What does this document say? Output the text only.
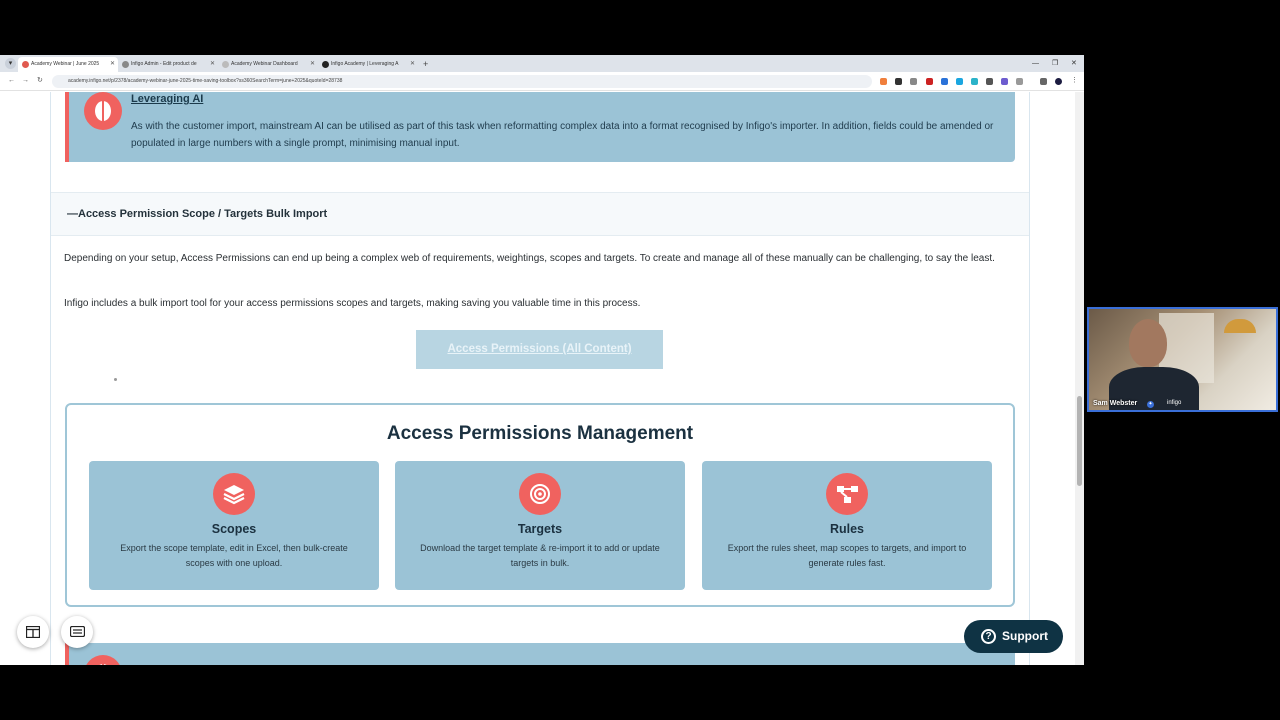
▾	Academy Webinar | June 2025 ✕	Infigo Admin - Edit product de ✕	Academy Webinar Dashboard ✕	Infigo Academy | Leveraging A ✕ +	— ❐ ✕
← → ↻	academy.infigo.net/p/2378/academy-webinar-june-2025-time-saving-toolbox?ss360SearchTerm=june+2025&quoteId=28738	⋮
Leveraging AI
As with the customer import, mainstream AI can be utilised as part of this task when reformatting complex data into a format recognised by Infigo's importer. In addition, fields could be amended or populated in large numbers with a single prompt, minimising manual input.
—Access Permission Scope / Targets Bulk Import
Depending on your setup, Access Permissions can end up being a complex web of requirements, weightings, scopes and targets. To create and manage all of these manually can be challenging, to say the least.
Infigo includes a bulk import tool for your access permissions scopes and targets, making saving you valuable time in this process.
Access Permissions (All Content)
Access Permissions Management
Scopes
Export the scope template, edit in Excel, then bulk-create scopes with one upload.
Targets
Download the target template & re-import it to add or update targets in bulk.
Rules
Export the rules sheet, map scopes to targets, and import to generate rules fast.
? Support
Sam Webster ✦ infigo
